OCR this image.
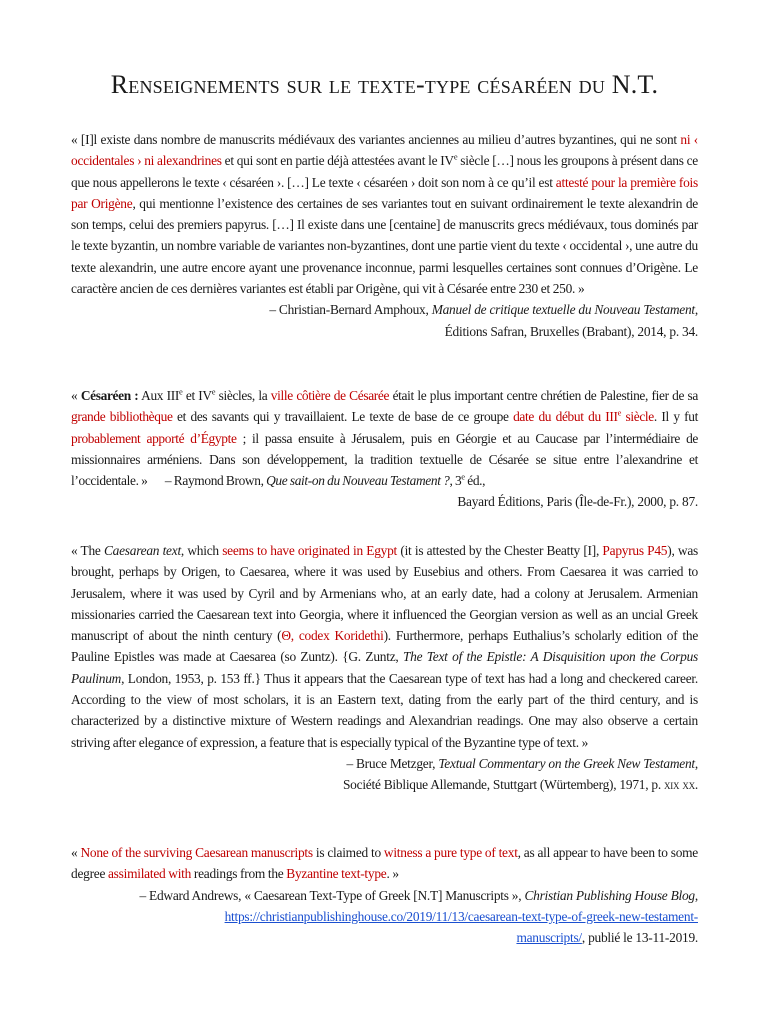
Renseignements sur le texte-type césaréen du N.T.

« [I]l existe dans nombre de manuscrits médiévaux des variantes anciennes au milieu d’autres byzantines, qui ne sont ni ‹ occidentales › ni alexandrines et qui sont en partie déjà attestées avant le IVe siècle […] nous les groupons à présent dans ce que nous appellerons le texte ‹ césaréen ›. […] Le texte ‹ césaréen › doit son nom à ce qu’il est attesté pour la première fois par Origène, qui mentionne l’existence des certaines de ses variantes tout en suivant ordinairement le texte alexandrin de son temps, celui des premiers papyrus. […] Il existe dans une [centaine] de manuscrits grecs médiévaux, tous dominés par le texte byzantin, un nombre variable de variantes non-byzantines, dont une partie vient du texte ‹ occidental ›, une autre du texte alexandrin, une autre encore ayant une provenance inconnue, parmi lesquelles certaines sont connues d’Origène. Le caractère ancien de ces dernières variantes est établi par Origène, qui vit à Césarée entre 230 et 250. »

– Christian-Bernard Amphoux, Manuel de critique textuelle du Nouveau Testament,

Éditions Safran, Bruxelles (Brabant), 2014, p. 34.

« Césaréen : Aux IIIe et IVe siècles, la ville côtière de Césarée était le plus important centre chrétien de Palestine, fier de sa grande bibliothèque et des savants qui y travaillaient. Le texte de base de ce groupe date du début du IIIe siècle. Il y fut probablement apporté d’Égypte ; il passa ensuite à Jérusalem, puis en Géorgie et au Caucase par l’intermédiaire de missionnaires arméniens. Dans son développement, la tradition textuelle de Césarée se situe entre l’alexandrine et l’occidentale. » – Raymond Brown, Que sait-on du Nouveau Testament ?, 3e éd.,

Bayard Éditions, Paris (Île-de-Fr.), 2000, p. 87.

« The Caesarean text, which seems to have originated in Egypt (it is attested by the Chester Beatty [I], Papyrus P45), was brought, perhaps by Origen, to Caesarea, where it was used by Eusebius and others. From Caesarea it was carried to Jerusalem, where it was used by Cyril and by Armenians who, at an early date, had a colony at Jerusalem. Armenian missionaries carried the Caesarean text into Georgia, where it influenced the Georgian version as well as an uncial Greek manuscript of about the ninth century (Θ, codex Koridethi). Furthermore, perhaps Euthalius’s scholarly edition of the Pauline Epistles was made at Caesarea (so Zuntz). {G. Zuntz, The Text of the Epistle: A Disquisition upon the Corpus Paulinum, London, 1953, p. 153 ff.} Thus it appears that the Caesarean type of text has had a long and checkered career. According to the view of most scholars, it is an Eastern text, dating from the early part of the third century, and is characterized by a distinctive mixture of Western readings and Alexandrian readings. One may also observe a certain striving after elegance of expression, a feature that is especially typical of the Byzantine type of text. »

– Bruce Metzger, Textual Commentary on the Greek New Testament,

Société Biblique Allemande, Stuttgart (Würtemberg), 1971, p. xix xx.

« None of the surviving Caesarean manuscripts is claimed to witness a pure type of text, as all appear to have been to some degree assimilated with readings from the Byzantine text-type. »

– Edward Andrews, « Caesarean Text-Type of Greek [N.T] Manuscripts », Christian Publishing House Blog,

https://christianpublishinghouse.co/2019/11/13/caesarean-text-type-of-greek-new-testament-

manuscripts/, publié le 13-11-2019.
